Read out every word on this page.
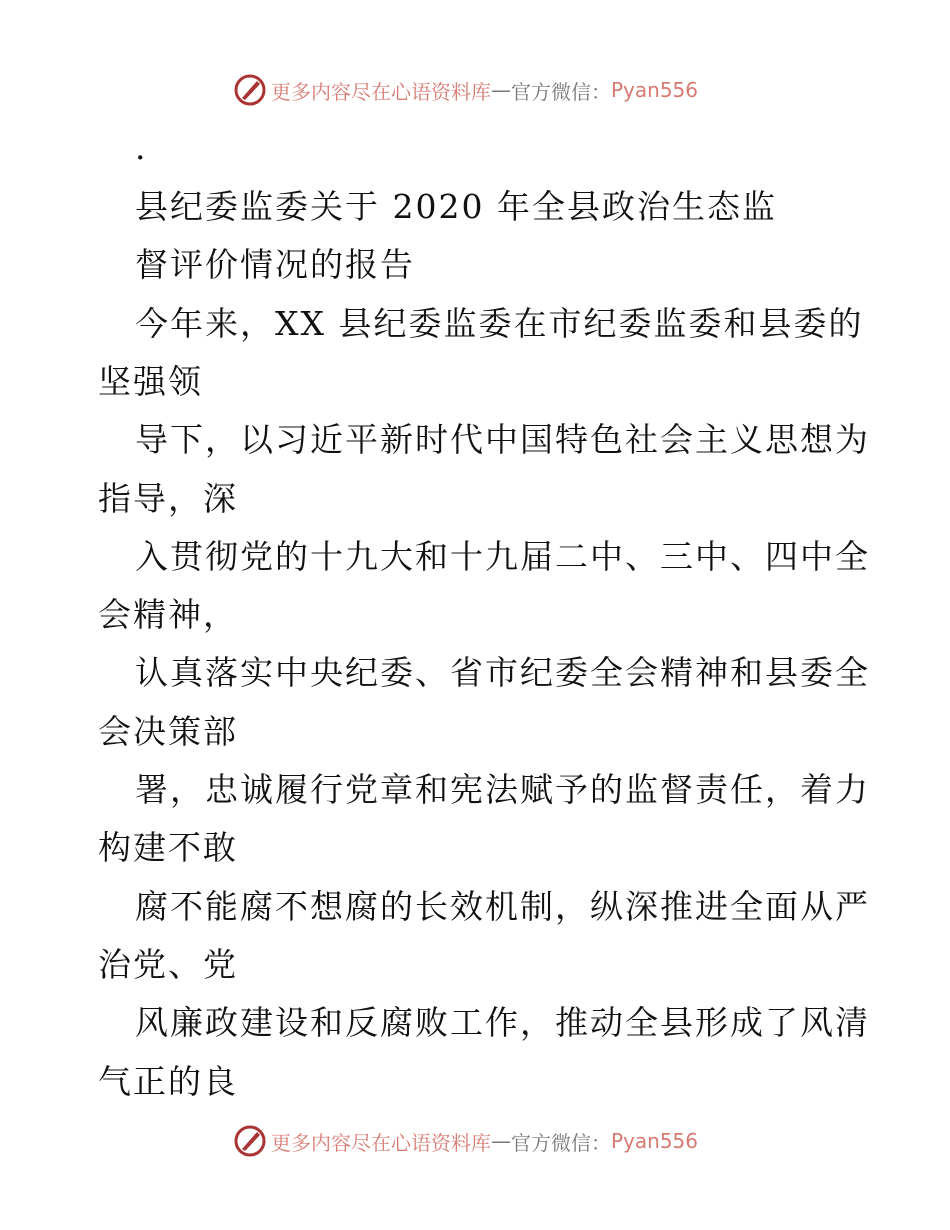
更多内容尽在心语资料库 — 官方微信： Pyan556
.
县纪委监委关于 2020 年全县政治生态监
督评价情况的报告
今年来，XX 县纪委监委在市纪委监委和县委的
坚强领
导下，以习近平新时代中国特色社会主义思想为
指导，深
入贯彻党的十九大和十九届二中、三中、四中全
会精神，
认真落实中央纪委、省市纪委全会精神和县委全
会决策部
署，忠诚履行党章和宪法赋予的监督责任，着力
构建不敢
腐不能腐不想腐的长效机制，纵深推进全面从严
治党、党
风廉政建设和反腐败工作，推动全县形成了风清
气正的良
更多内容尽在心语资料库 — 官方微信： Pyan556
